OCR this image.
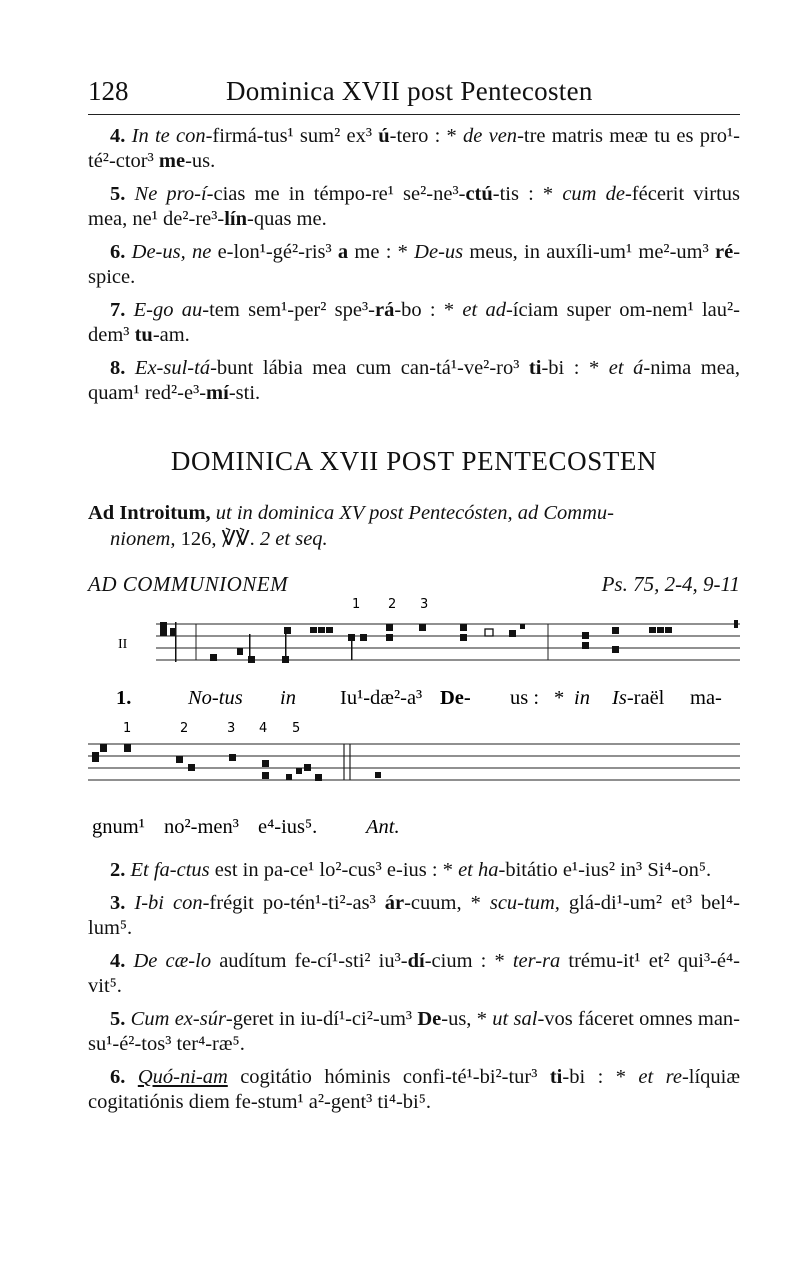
128	Dominica XVII post Pentecosten

4. In te con-firmá-tus¹ sum² ex³ ú-tero : * de ven-tre matris meæ tu es pro¹-té²-ctor³ me-us.

5. Ne pro-í-cias me in témpo-re¹ se²-ne³-ctú-tis : * cum de-fécerit virtus mea, ne¹ de²-re³-lín-quas me.

6. De-us, ne e-lon¹-gé²-ris³ a me : * De-us meus, in auxíli-um¹ me²-um³ ré-spice.

7. E-go au-tem sem¹-per² spe³-rá-bo : * et ad-íciam super om-nem¹ lau²-dem³ tu-am.

8. Ex-sul-tá-bunt lábia mea cum can-tá¹-ve²-ro³ ti-bi : * et á-nima mea, quam¹ red²-e³-mí-sti.

DOMINICA XVII POST PENTECOSTEN
Ad Introitum, ut in dominica XV post Pentecósten, ad Commu-
nionem, 126, ℣℣. 2 et seq.
AD COMMUNIONEM	Ps. 75, 2-4, 9-11
II
1 2 3
1.	No-tus in Iu¹-dæ²-a³ De- us : * in Is-raël ma-
1	2	3 4 5
gnum¹ no²-men³ e⁴-ius⁵. Ant.

2. Et fa-ctus est in pa-ce¹ lo²-cus³ e-ius : * et ha-bitátio e¹-ius² in³ Si⁴-on⁵.

3. I-bi con-frégit po-tén¹-ti²-as³ ár-cuum, * scu-tum, glá-di¹-um² et³ bel⁴-lum⁵.

4. De cæ-lo audítum fe-cí¹-sti² iu³-dí-cium : * ter-ra trému-it¹ et² qui³-é⁴-vit⁵.

5. Cum ex-súr-geret in iu-dí¹-ci²-um³ De-us, * ut sal-vos fáceret omnes man-su¹-é²-tos³ ter⁴-ræ⁵.

6. Quó-ni-am cogitátio hóminis confi-té¹-bi²-tur³ ti-bi : * et re-líquiæ cogitatiónis diem fe-stum¹ a²-gent³ ti⁴-bi⁵.
